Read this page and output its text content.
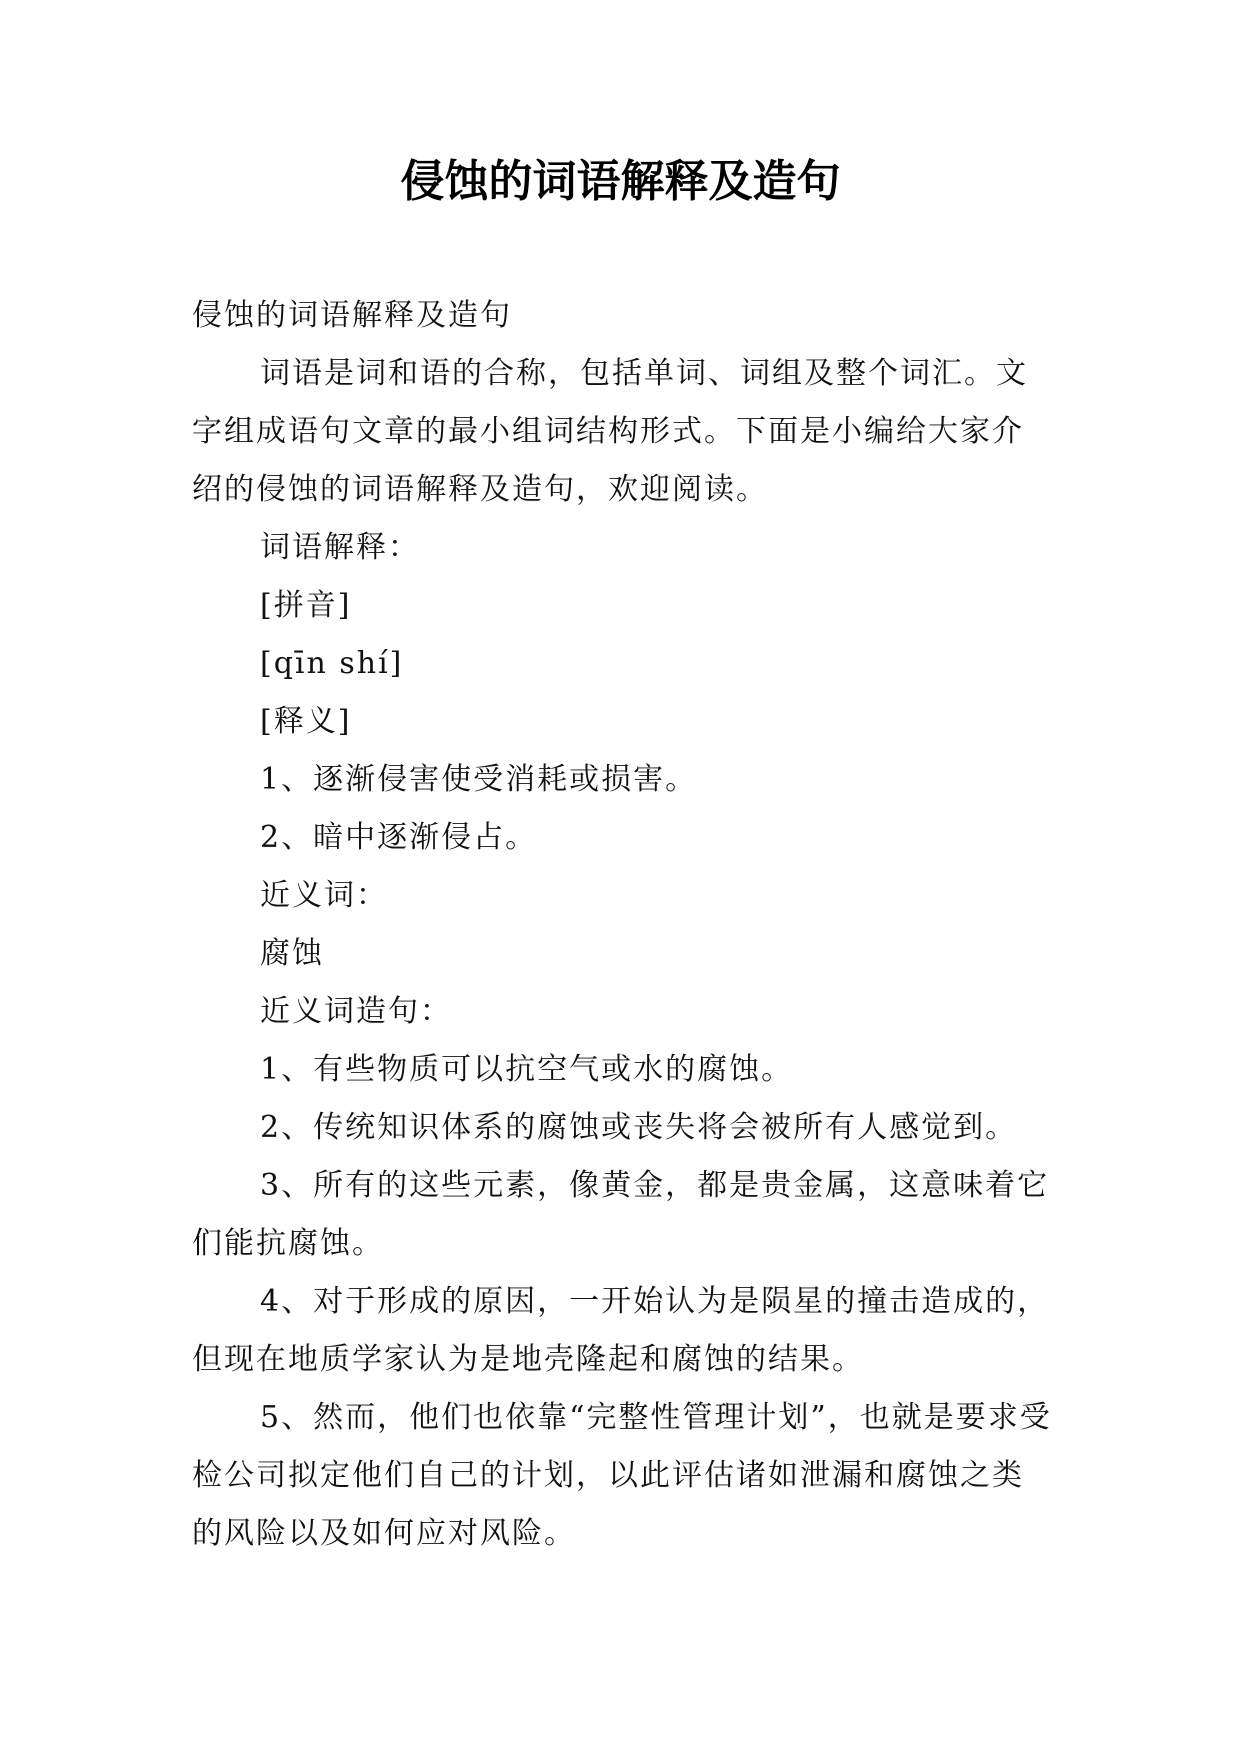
侵蚀的词语解释及造句

侵蚀的词语解释及造句

词语是词和语的合称，包括单词、词组及整个词汇。文字组成语句文章的最小组词结构形式。下面是小编给大家介绍的侵蚀的词语解释及造句，欢迎阅读。

词语解释：

[拼音]

[qīn shí]

[释义]

1、逐渐侵害使受消耗或损害。

2、暗中逐渐侵占。

近义词：

腐蚀

近义词造句：

1、有些物质可以抗空气或水的腐蚀。

2、传统知识体系的腐蚀或丧失将会被所有人感觉到。

3、所有的这些元素，像黄金，都是贵金属，这意味着它们能抗腐蚀。

4、对于形成的原因，一开始认为是陨星的撞击造成的，但现在地质学家认为是地壳隆起和腐蚀的结果。

5、然而，他们也依靠“完整性管理计划”，也就是要求受检公司拟定他们自己的计划，以此评估诸如泄漏和腐蚀之类的风险以及如何应对风险。
